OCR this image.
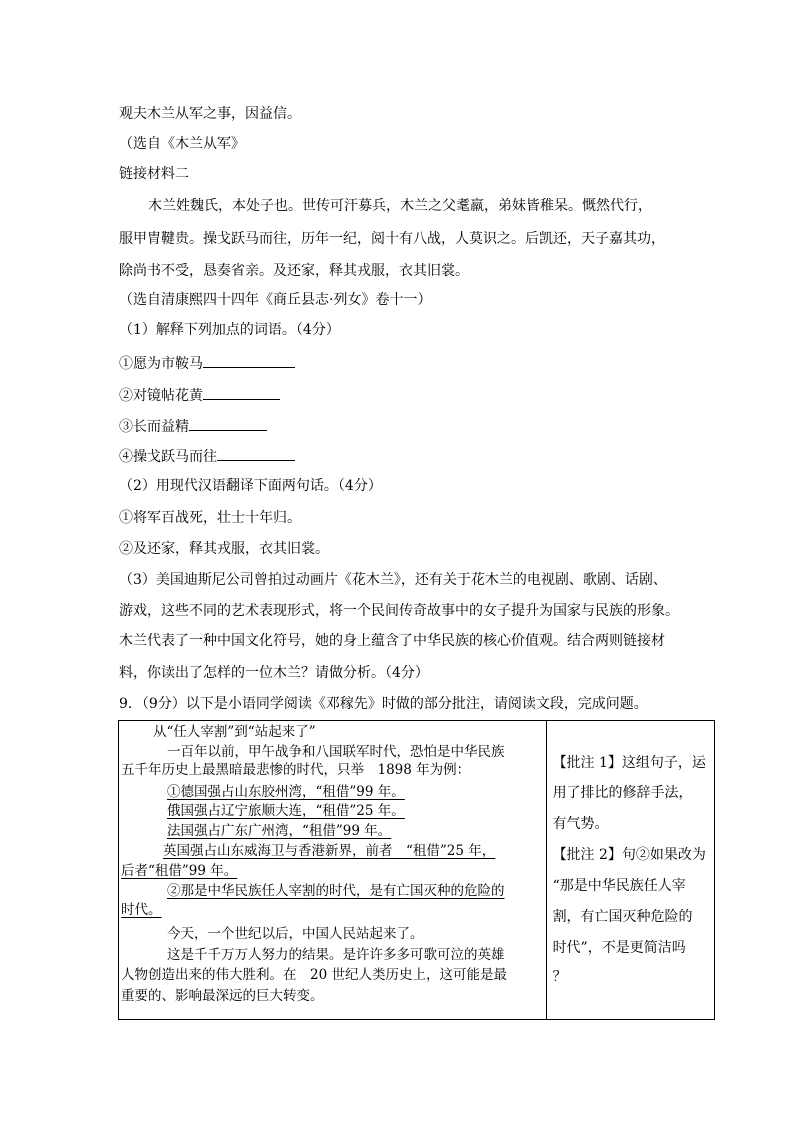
观夫木兰从军之事，因益信。
（选自《木兰从军》
链接材料二
木兰姓魏氏，本处子也。世传可汗募兵，木兰之父耄羸，弟妹皆稚呆。慨然代行，
服甲胄鞬贵。操戈跃马而往，历年一纪，阅十有八战，人莫识之。后凯还，天子嘉其功，
除尚书不受，恳奏省亲。及还家，释其戎服，衣其旧裳。
（选自清康熙四十四年《商丘县志·列女》卷十一）
（1）解释下列加点的词语。（4分）
①愿为市鞍马
②对镜帖花黄
③长而益精
④操戈跃马而往
（2）用现代汉语翻译下面两句话。（4分）
①将军百战死，壮士十年归。
②及还家，释其戎服，衣其旧裳。
（3）美国迪斯尼公司曾拍过动画片《花木兰》，还有关于花木兰的电视剧、歌剧、话剧、
游戏，这些不同的艺术表现形式，将一个民间传奇故事中的女子提升为国家与民族的形象。
木兰代表了一种中国文化符号，她的身上蕴含了中华民族的核心价值观。结合两则链接材
料，你读出了怎样的一位木兰？请做分析。（4分）
9．（9分）以下是小语同学阅读《邓稼先》时做的部分批注，请阅读文段，完成问题。
从“任人宰割”到“站起来了”
一百年以前，甲午战争和八国联军时代，恐怕是中华民族
五千年历史上最黑暗最悲惨的时代，只举　1898 年为例：
①德国强占山东胶州湾，“租借”99 年。
俄国强占辽宁旅顺大连，“租借”25 年。
法国强占广东广州湾，“租借”99 年。
英国强占山东威海卫与香港新界，前者　“租借”25 年，
后者“租借”99 年。
②那是中华民族任人宰割的时代，是有亡国灭种的危险的
时代。
今天，一个世纪以后，中国人民站起来了。
这是千千万万人努力的结果。是许许多多可歌可泣的英雄
人物创造出来的伟大胜利。在　20 世纪人类历史上，这可能是最
重要的、影响最深远的巨大转变。

【批注 1】这组句子，运
用了排比的修辞手法，
有气势。
【批注 2】句②如果改为
“那是中华民族任人宰
割，有亡国灭种危险的
时代”，不是更简洁吗
？
